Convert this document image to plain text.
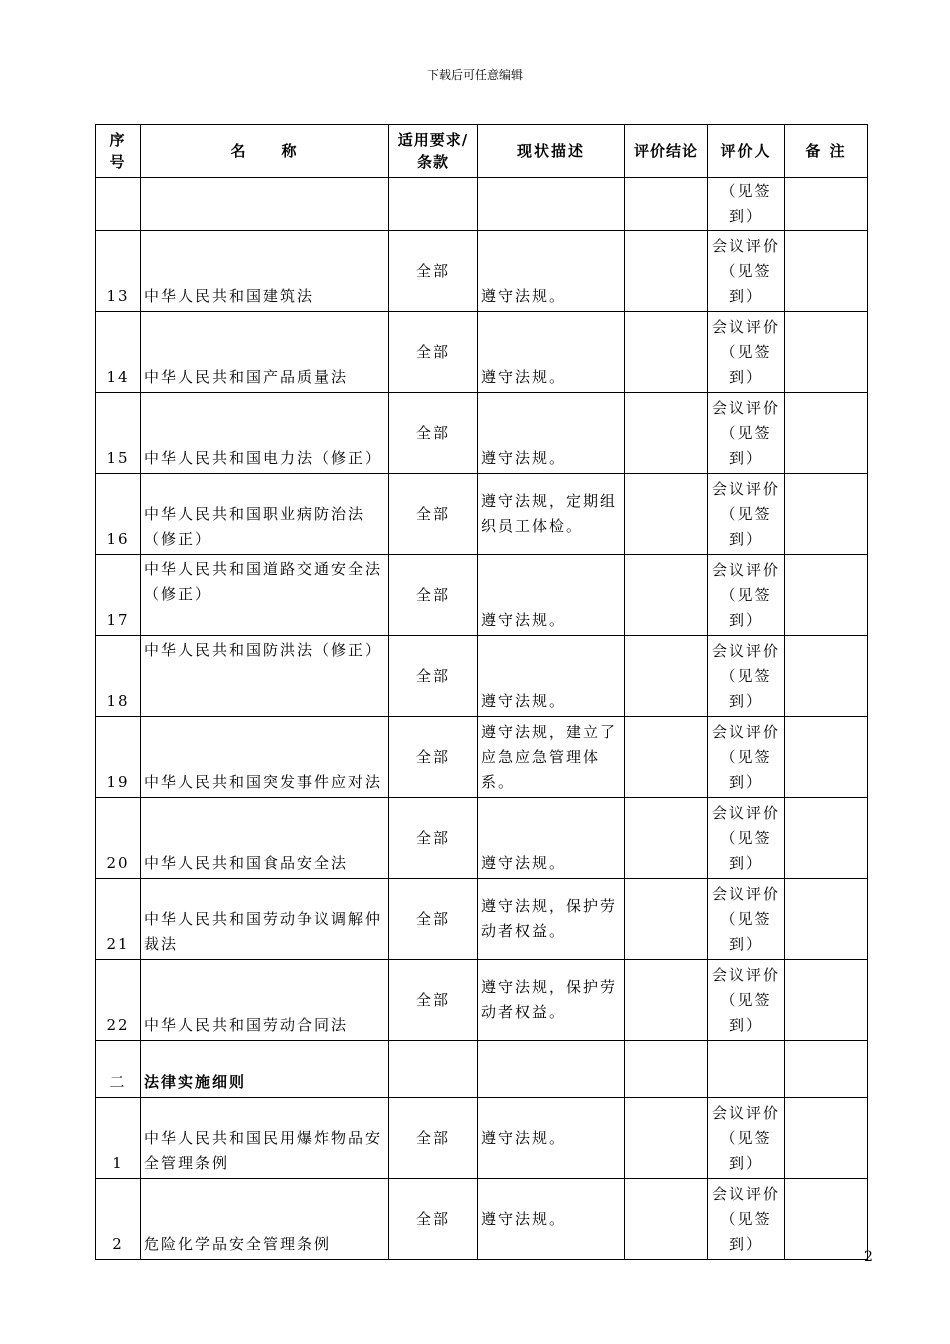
下载后可任意编辑
序
号	名　　称	适用要求/
条款	现状描述	评价结论	评价人	备 注
					（见签
到）	
13	中华人民共和国建筑法	全部	遵守法规。		会议评价
（见签
到）	
14	中华人民共和国产品质量法	全部	遵守法规。		会议评价
（见签
到）	
15	中华人民共和国电力法（修正）	全部	遵守法规。		会议评价
（见签
到）	
16	中华人民共和国职业病防治法（修正）	全部	遵守法规，定期组织员工体检。		会议评价
（见签
到）	
17	中华人民共和国道路交通安全法（修正）	全部	遵守法规。		会议评价
（见签
到）	
18	中华人民共和国防洪法（修正）	全部	遵守法规。		会议评价
（见签
到）	
19	中华人民共和国突发事件应对法	全部	遵守法规，建立了应急应急管理体系。		会议评价
（见签
到）	
20	中华人民共和国食品安全法	全部	遵守法规。		会议评价
（见签
到）	
21	中华人民共和国劳动争议调解仲裁法	全部	遵守法规，保护劳动者权益。		会议评价
（见签
到）	
22	中华人民共和国劳动合同法	全部	遵守法规，保护劳动者权益。		会议评价
（见签
到）	
二	法律实施细则					
1	中华人民共和国民用爆炸物品安全管理条例	全部	遵守法规。		会议评价
（见签
到）	
2	危险化学品安全管理条例	全部	遵守法规。		会议评价
（见签
到）	
2
